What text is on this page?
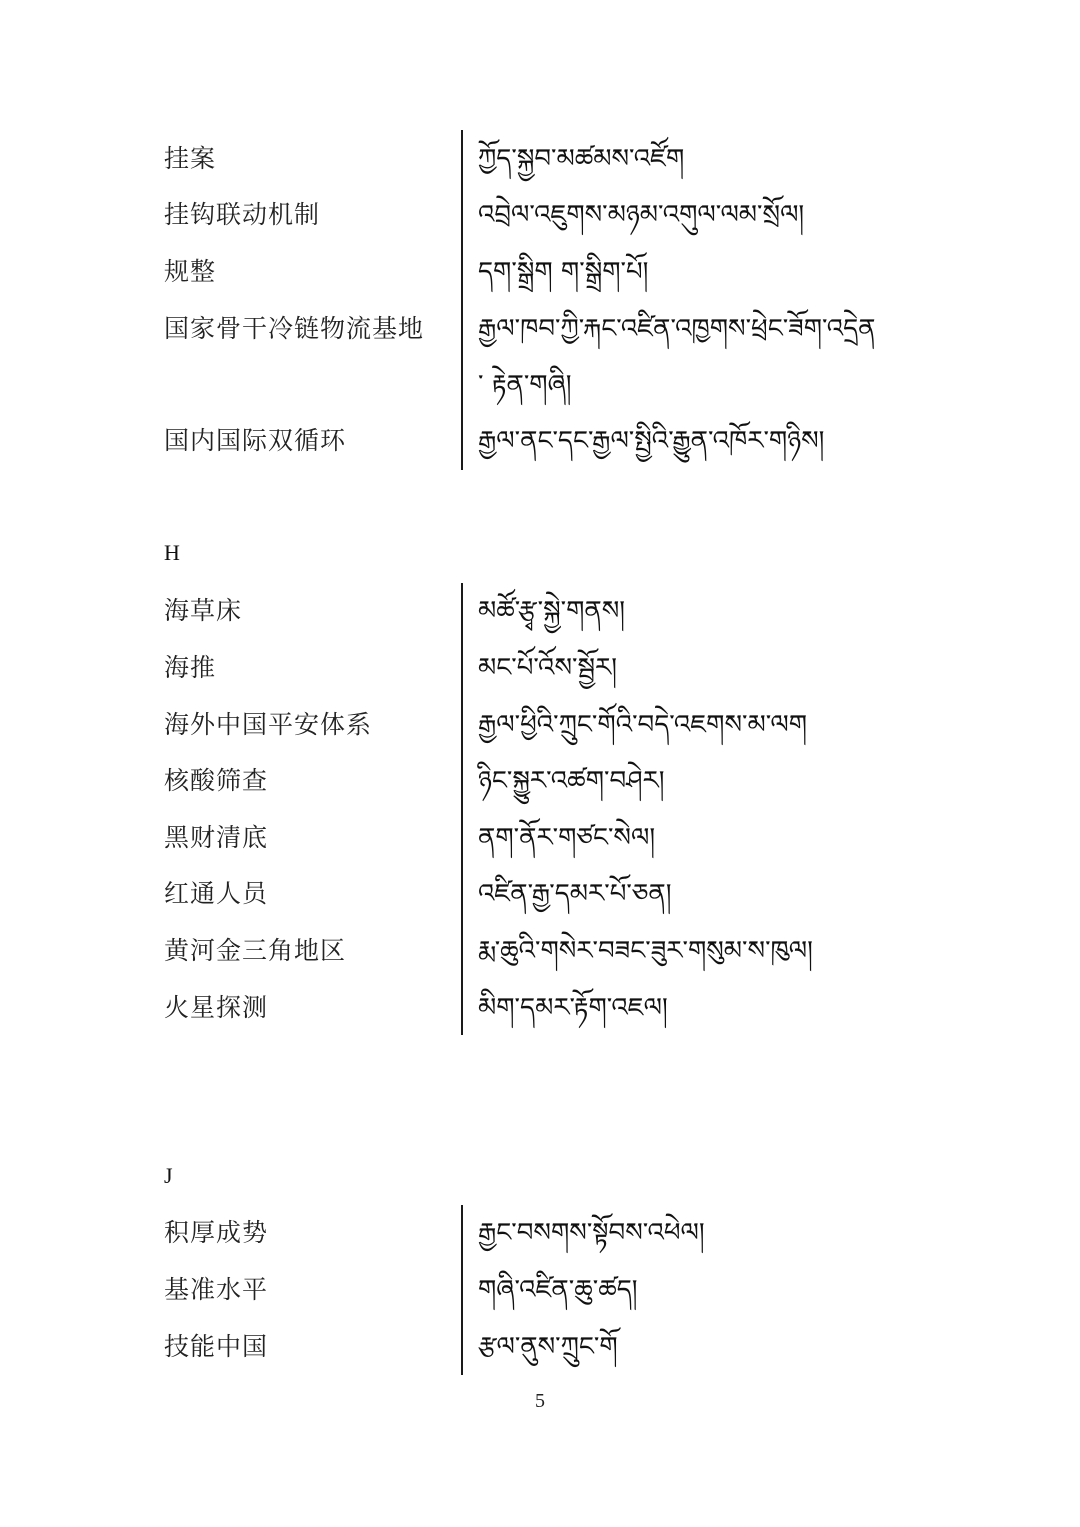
挂案	ཀྱོད་སྐྱབ་མཚམས་འཛོག
挂钩联动机制	འབྲེལ་འཇུགས་མཉམ་འགུལ་ལམ་སྲོལ།
规整	དག་སྒྲིག ག་སྒྲིག་པོ།
国家骨干冷链物流基地 རྒྱལ་ཁབ་ཀྱི་རྐང་འཛིན་འཁྱགས་ཕྲེང་ཟོག་འདྲེན་ རྟེན་གཞི།
国内国际双循环	རྒྱལ་ནང་དང་རྒྱལ་སྤྱིའི་རྒྱུན་འཁོར་གཉིས།
H
海草床	མཚོ་རྩྭ་སྐྱེ་གནས།
海推	མང་པོ་འོས་སྦྱོར།
海外中国平安体系	རྒྱལ་ཕྱིའི་ཀྲུང་གོའི་བདེ་འཇགས་མ་ལག
核酸筛查	ཉིང་སྐྱུར་འཚག་བཤེར།
黑财清底	ནག་ནོར་གཙང་སེལ།
红通人员	འཛིན་རྒྱ་དམར་པོ་ཅན།
黄河金三角地区	རྨ་ཆུའི་གསེར་བཟང་ཟུར་གསུམ་ས་ཁུལ།
火星探测	མིག་དམར་རྟོག་འཇལ།
J
积厚成势	རྒྱང་བསགས་སྟོབས་འཕེལ།
基准水平	གཞི་འཛིན་ཆུ་ཚད།
技能中国	རྩལ་ནུས་ཀྲུང་གོ
5
